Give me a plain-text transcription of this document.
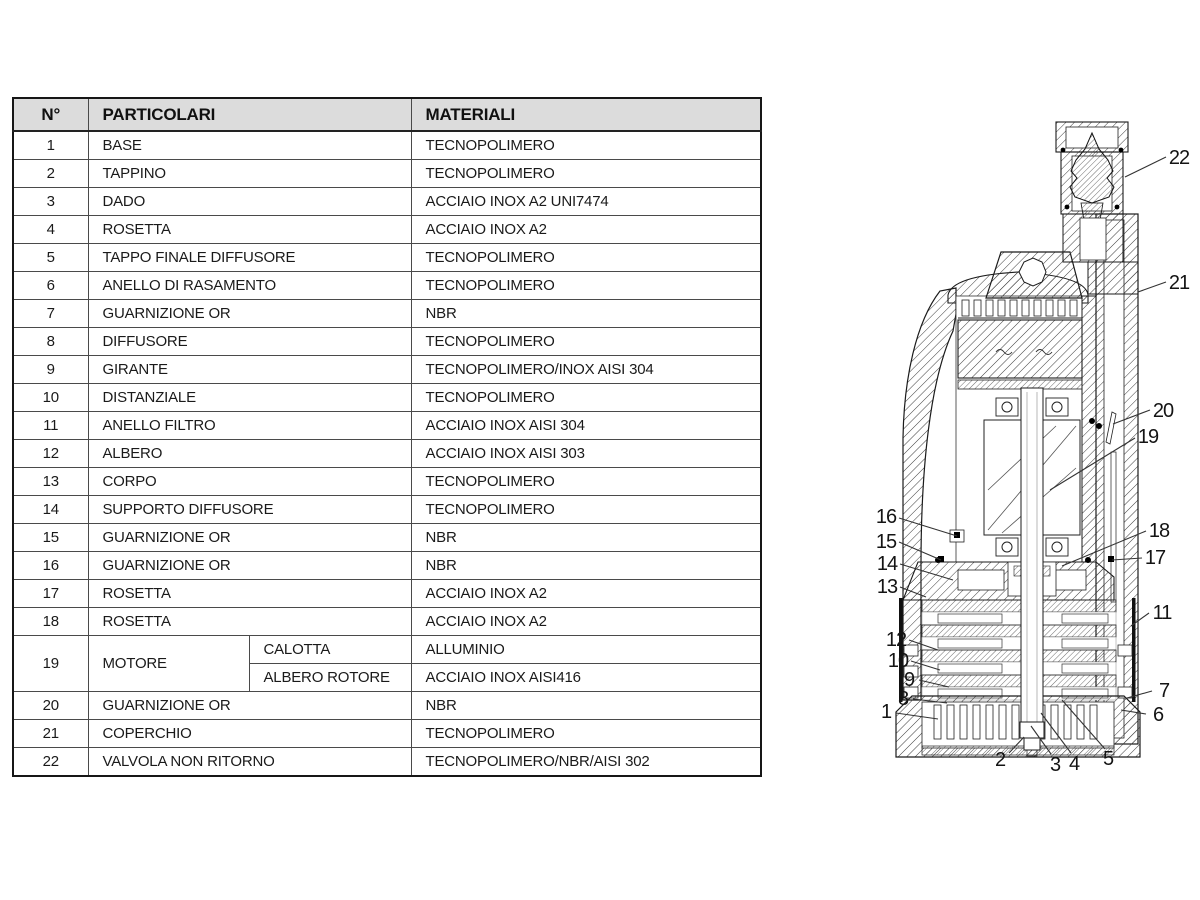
N°	PARTICOLARI		MATERIALI
1	BASE		TECNOPOLIMERO
2	TAPPINO		TECNOPOLIMERO
3	DADO		ACCIAIO INOX A2 UNI7474
4	ROSETTA		ACCIAIO INOX A2
5	TAPPO FINALE DIFFUSORE		TECNOPOLIMERO
6	ANELLO DI RASAMENTO		TECNOPOLIMERO
7	GUARNIZIONE OR		NBR
8	DIFFUSORE		TECNOPOLIMERO
9	GIRANTE		TECNOPOLIMERO/INOX AISI 304
10	DISTANZIALE		TECNOPOLIMERO
11	ANELLO FILTRO		ACCIAIO INOX AISI 304
12	ALBERO		ACCIAIO INOX AISI 303
13	CORPO		TECNOPOLIMERO
14	SUPPORTO DIFFUSORE		TECNOPOLIMERO
15	GUARNIZIONE OR		NBR
16	GUARNIZIONE OR		NBR
17	ROSETTA		ACCIAIO INOX A2
18	ROSETTA		ACCIAIO INOX A2
19	MOTORE	CALOTTA	ALLUMINIO
		ALBERO ROTORE	ACCIAIO INOX AISI416
20	GUARNIZIONE OR		NBR
21	COPERCHIO		TECNOPOLIMERO
22	VALVOLA NON RITORNO		TECNOPOLIMERO/NBR/AISI 302
22
21
20
19
18
17
16
15
14
13
12
11
10
9
8	7
6
5
4
3
2
1
